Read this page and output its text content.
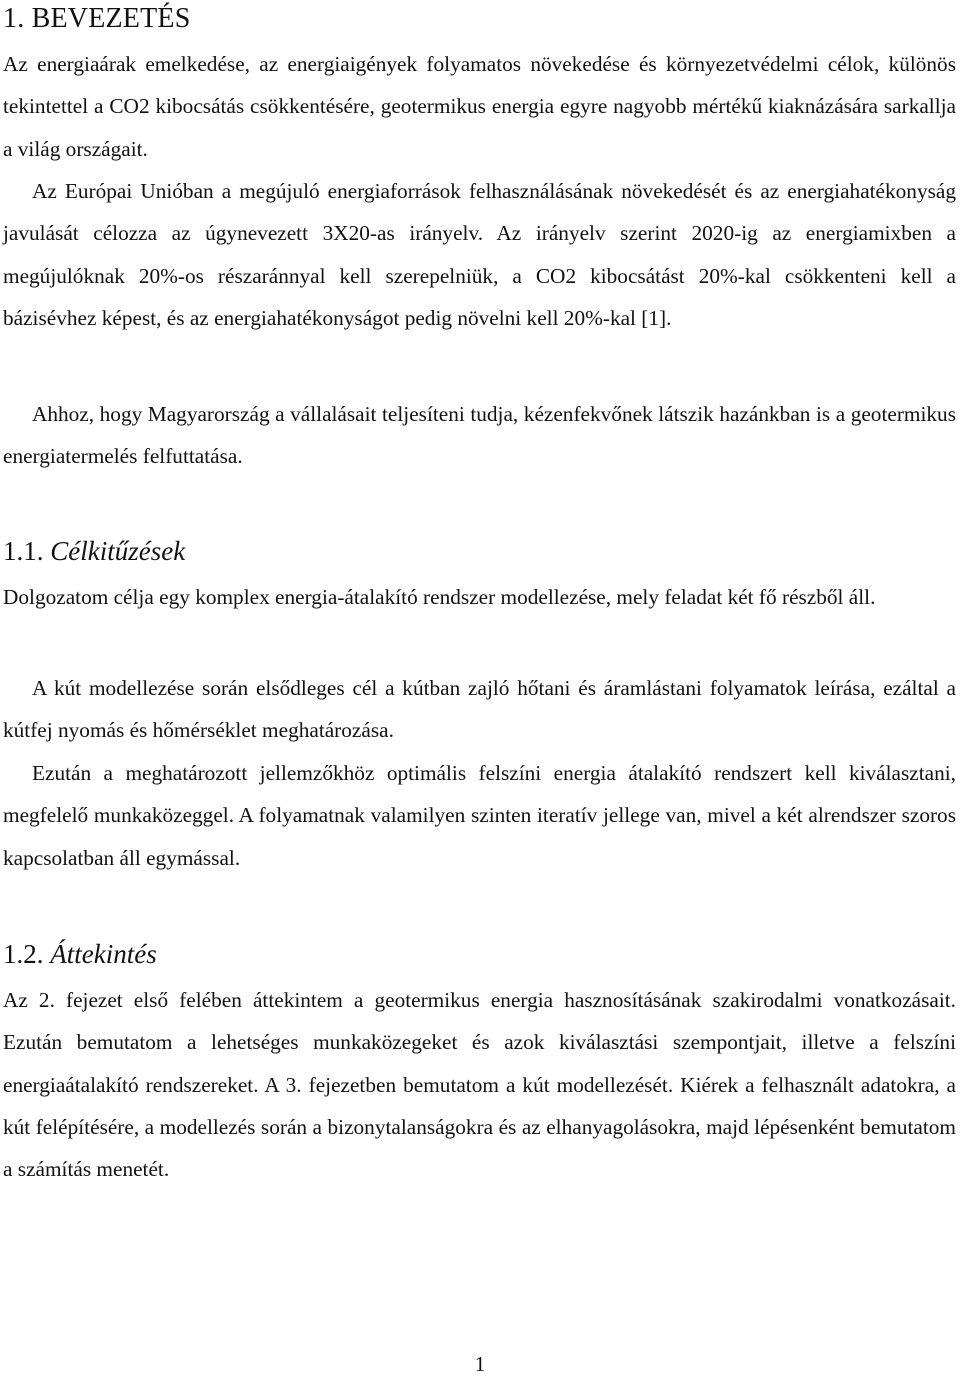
1. BEVEZETÉS

Az energiaárak emelkedése, az energiaigények folyamatos növekedése és környezetvédelmi célok, különös tekintettel a CO2 kibocsátás csökkentésére, geotermikus energia egyre nagyobb mértékű kiaknázására sarkallja a világ országait.

Az Európai Unióban a megújuló energiaforrások felhasználásának növekedését és az energiahatékonyság javulását célozza az úgynevezett 3X20-as irányelv. Az irányelv szerint 2020-ig az energiamixben a megújulóknak 20%-os részaránnyal kell szerepelniük, a CO2 kibocsátást 20%-kal csökkenteni kell a bázisévhez képest, és az energiahatékonyságot pedig növelni kell 20%-kal [1].

Ahhoz, hogy Magyarország a vállalásait teljesíteni tudja, kézenfekvőnek látszik hazánkban is a geotermikus energiatermelés felfuttatása.

1.1. Célkitűzések

Dolgozatom célja egy komplex energia-átalakító rendszer modellezése, mely feladat két fő részből áll.

A kút modellezése során elsődleges cél a kútban zajló hőtani és áramlástani folyamatok leírása, ezáltal a kútfej nyomás és hőmérséklet meghatározása.

Ezután a meghatározott jellemzőkhöz optimális felszíni energia átalakító rendszert kell kiválasztani, megfelelő munkaközeggel. A folyamatnak valamilyen szinten iteratív jellege van, mivel a két alrendszer szoros kapcsolatban áll egymással.

1.2. Áttekintés

Az 2. fejezet első felében áttekintem a geotermikus energia hasznosításának szakirodalmi vonatkozásait. Ezután bemutatom a lehetséges munkaközegeket és azok kiválasztási szempontjait, illetve a felszíni energiaátalakító rendszereket. A 3. fejezetben bemutatom a kút modellezését. Kiérek a felhasznált adatokra, a kút felépítésére, a modellezés során a bizonytalanságokra és az elhanyagolásokra, majd lépésenként bemutatom a számítás menetét.

1
